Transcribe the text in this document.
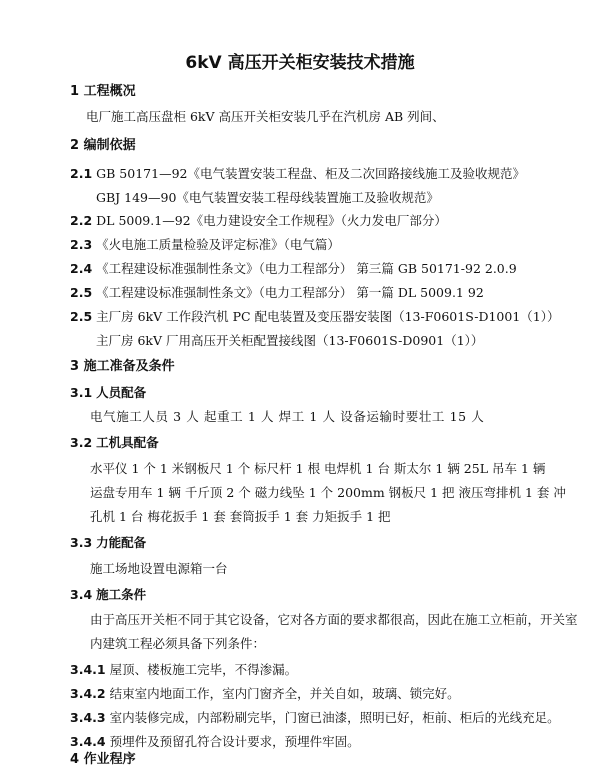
6kV 高压开关柜安装技术措施
1 工程概况
电厂施工高压盘柜 6kV 高压开关柜安装几乎在汽机房 AB 列间、
2 编制依据
2.1 GB 50171—92《电气装置安装工程盘、柜及二次回路接线施工及验收规范》
GBJ 149—90《电气装置安装工程母线装置施工及验收规范》
2.2 DL 5009.1—92《电力建设安全工作规程》（火力发电厂部分）
2.3 《火电施工质量检验及评定标准》（电气篇）
2.4 《工程建设标准强制性条文》（电力工程部分） 第三篇 GB 50171-92 2.0.9
2.5 《工程建设标准强制性条文》（电力工程部分） 第一篇 DL 5009.1 92
2.5 主厂房 6kV 工作段汽机 PC 配电装置及变压器安装图（13-F0601S-D1001（1））
主厂房 6kV 厂用高压开关柜配置接线图（13-F0601S-D0901（1））
3 施工准备及条件
3.1 人员配备
电气施工人员 3 人 起重工 1 人 焊工 1 人 设备运输时要壮工 15 人
3.2 工机具配备
水平仪 1 个 1 米钢板尺 1 个 标尺杆 1 根 电焊机 1 台 斯太尔 1 辆 25L 吊车 1 辆
运盘专用车 1 辆 千斤顶 2 个 磁力线坠 1 个 200mm 钢板尺 1 把 液压弯排机 1 套 冲
孔机 1 台 梅花扳手 1 套 套筒扳手 1 套 力矩扳手 1 把
3.3 力能配备
施工场地设置电源箱一台
3.4 施工条件
由于高压开关柜不同于其它设备，它对各方面的要求都很高，因此在施工立柜前，开关室
内建筑工程必须具备下列条件：
3.4.1 屋顶、楼板施工完毕，不得渗漏。
3.4.2 结束室内地面工作，室内门窗齐全，并关自如，玻璃、锁完好。
3.4.3 室内装修完成，内部粉刷完毕，门窗已油漆，照明已好，柜前、柜后的光线充足。
3.4.4 预埋件及预留孔符合设计要求，预埋件牢固。
4 作业程序
